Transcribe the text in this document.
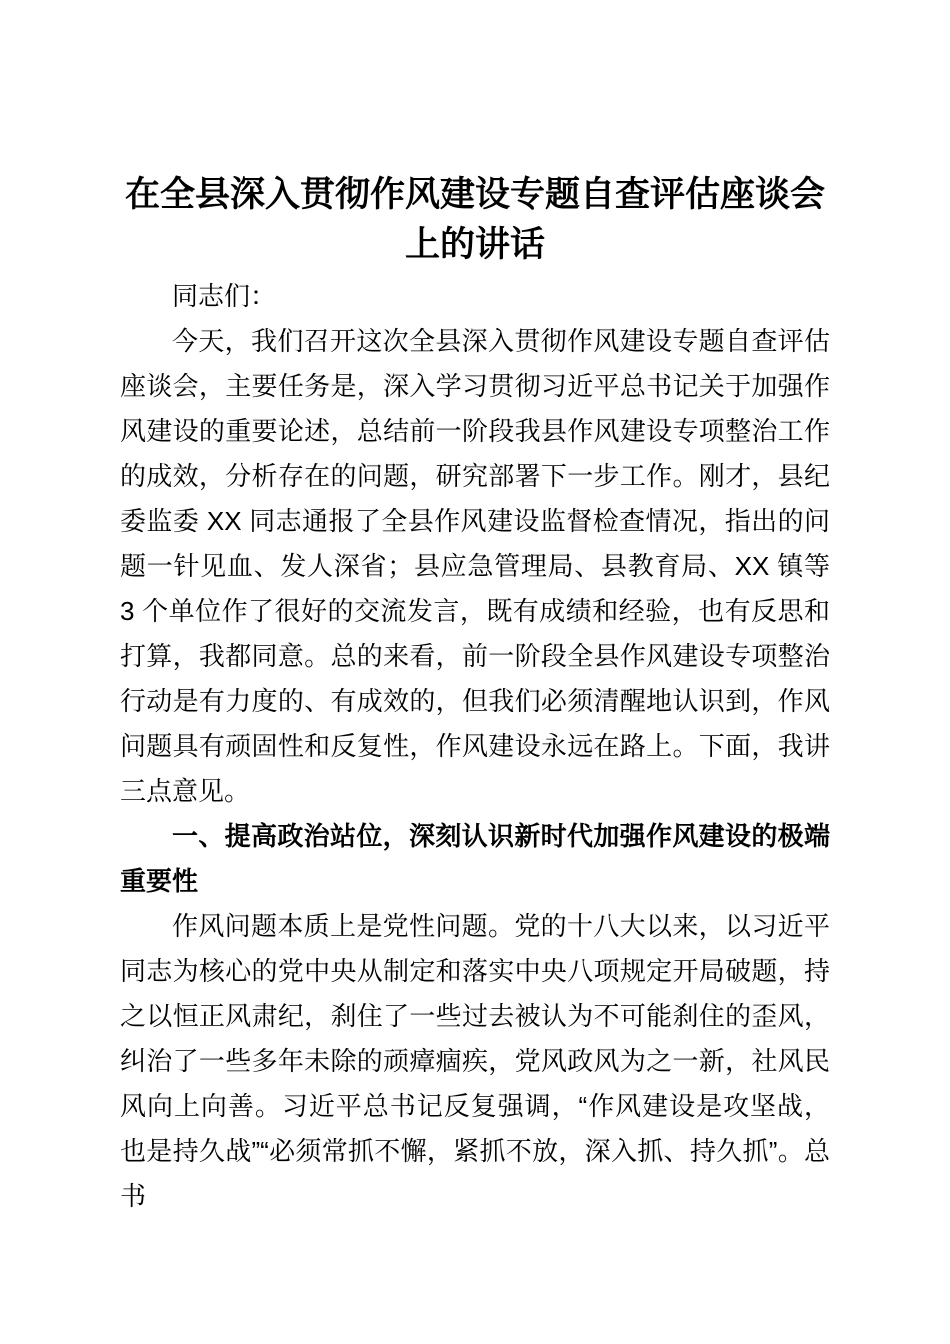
在全县深入贯彻作风建设专题自查评估座谈会
上的讲话

同志们：

今天，我们召开这次全县深入贯彻作风建设专题自查评估座谈会，主要任务是，深入学习贯彻习近平总书记关于加强作风建设的重要论述，总结前一阶段我县作风建设专项整治工作的成效，分析存在的问题，研究部署下一步工作。刚才，县纪委监委 XX 同志通报了全县作风建设监督检查情况，指出的问题一针见血、发人深省；县应急管理局、县教育局、XX 镇等 3 个单位作了很好的交流发言，既有成绩和经验，也有反思和打算，我都同意。总的来看，前一阶段全县作风建设专项整治行动是有力度的、有成效的，但我们必须清醒地认识到，作风问题具有顽固性和反复性，作风建设永远在路上。下面，我讲三点意见。

一、提高政治站位，深刻认识新时代加强作风建设的极端重要性

作风问题本质上是党性问题。党的十八大以来，以习近平同志为核心的党中央从制定和落实中央八项规定开局破题，持之以恒正风肃纪，刹住了一些过去被认为不可能刹住的歪风，纠治了一些多年未除的顽瘴痼疾，党风政风为之一新，社风民风向上向善。习近平总书记反复强调，“作风建设是攻坚战，也是持久战”“必须常抓不懈，紧抓不放，深入抓、持久抓”。总书
